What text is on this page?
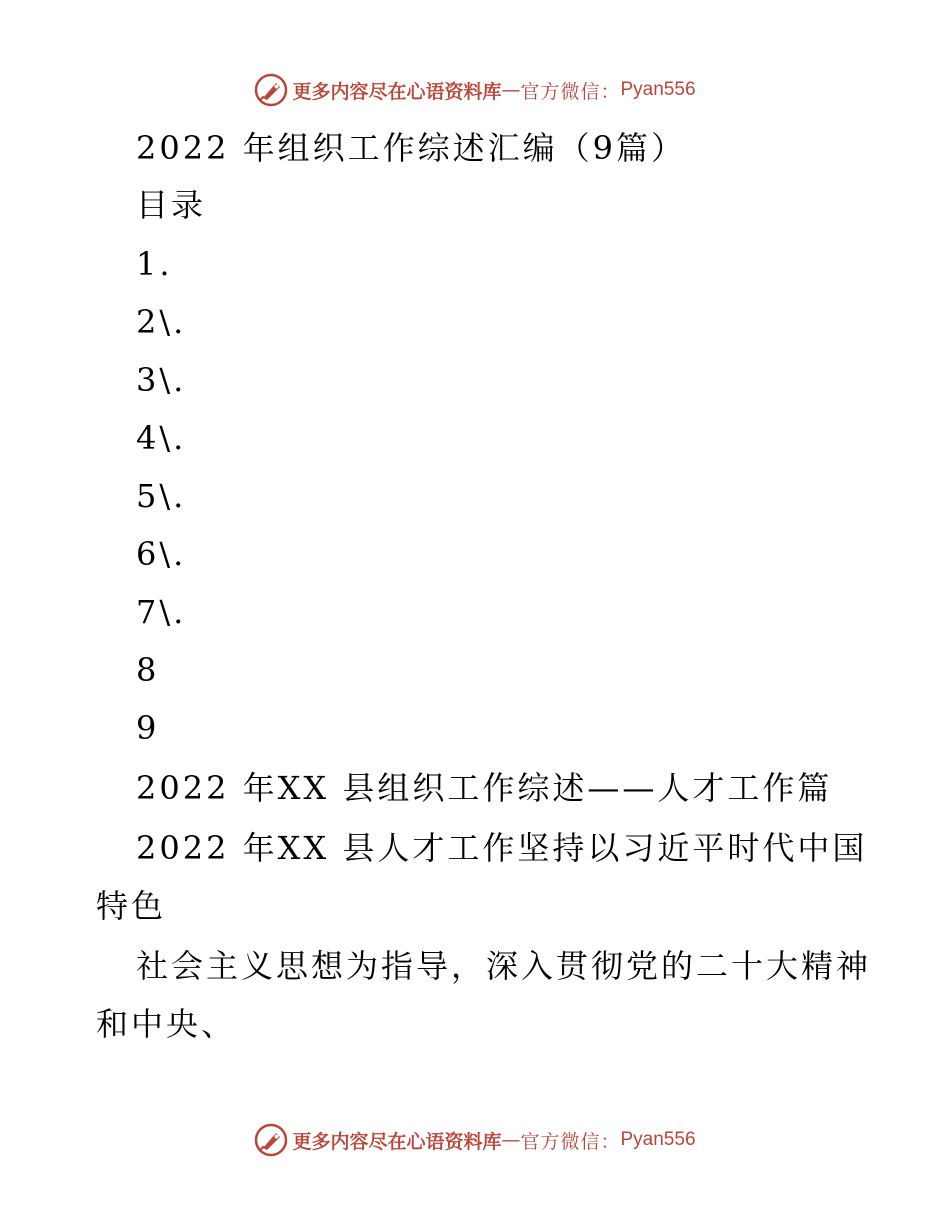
更多内容尽在心语资料库 — 官方微信： Pyan556
2022 年组织工作综述汇编（9篇）
目录
1.
2\.
3\.
4\.
5\.
6\.
7\.
8
9
2022 年XX 县组织工作综述——人才工作篇
2022 年XX 县人才工作坚持以习近平时代中国
特色
社会主义思想为指导，深入贯彻党的二十大精神
和中央、
更多内容尽在心语资料库 — 官方微信： Pyan556
